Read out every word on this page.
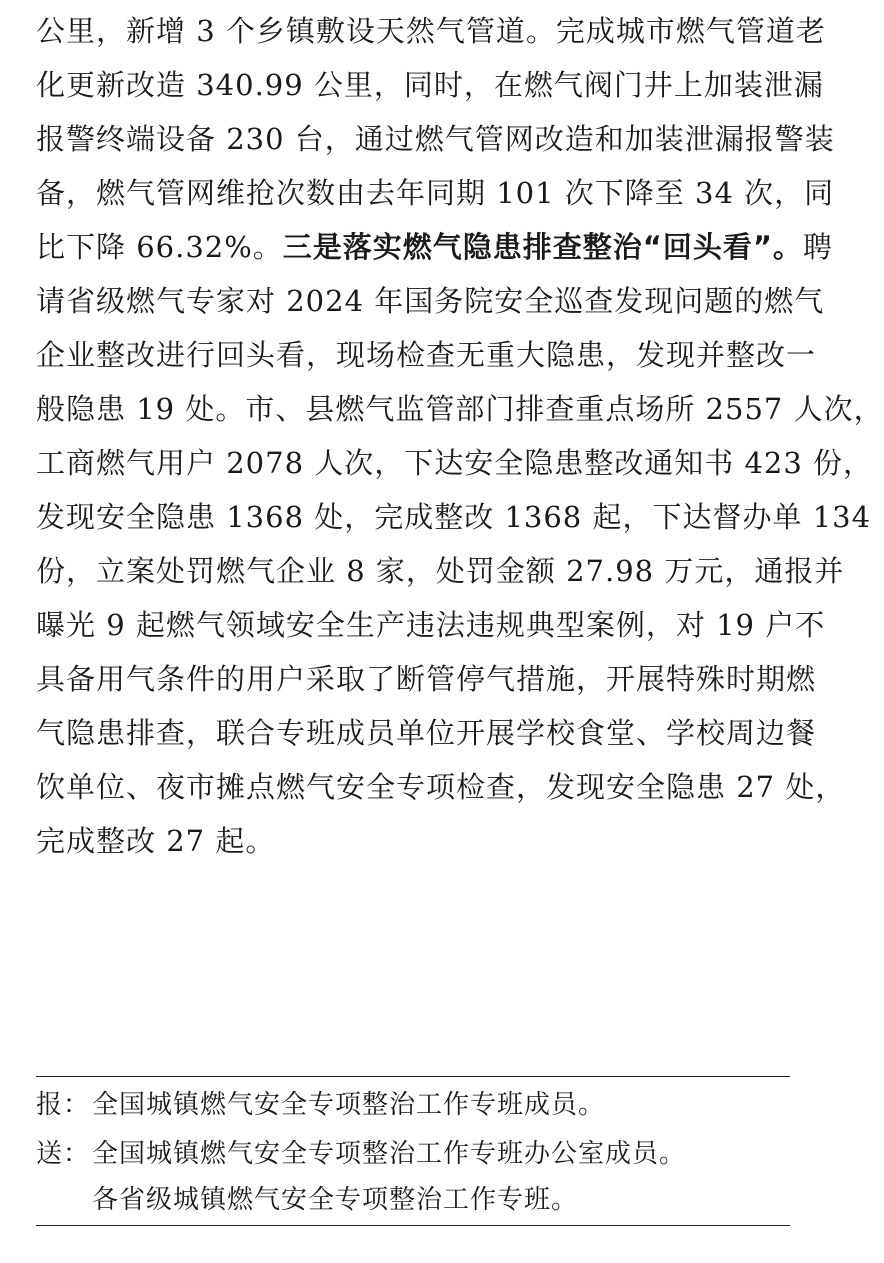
公里，新增 3 个乡镇敷设天然气管道。完成城市燃气管道老
化更新改造 340.99 公里，同时，在燃气阀门井上加装泄漏
报警终端设备 230 台，通过燃气管网改造和加装泄漏报警装
备，燃气管网维抢次数由去年同期 101 次下降至 34 次，同
比下降 66.32%。三是落实燃气隐患排查整治“回头看”。聘
请省级燃气专家对 2024 年国务院安全巡查发现问题的燃气
企业整改进行回头看，现场检查无重大隐患，发现并整改一
般隐患 19 处。市、县燃气监管部门排查重点场所 2557 人次，
工商燃气用户 2078 人次，下达安全隐患整改通知书 423 份，
发现安全隐患 1368 处，完成整改 1368 起，下达督办单 134
份，立案处罚燃气企业 8 家，处罚金额 27.98 万元，通报并
曝光 9 起燃气领域安全生产违法违规典型案例，对 19 户不
具备用气条件的用户采取了断管停气措施，开展特殊时期燃
气隐患排查，联合专班成员单位开展学校食堂、学校周边餐
饮单位、夜市摊点燃气安全专项检查，发现安全隐患 27 处，
完成整改 27 起。
报：全国城镇燃气安全专项整治工作专班成员。
送：全国城镇燃气安全专项整治工作专班办公室成员。
各省级城镇燃气安全专项整治工作专班。
